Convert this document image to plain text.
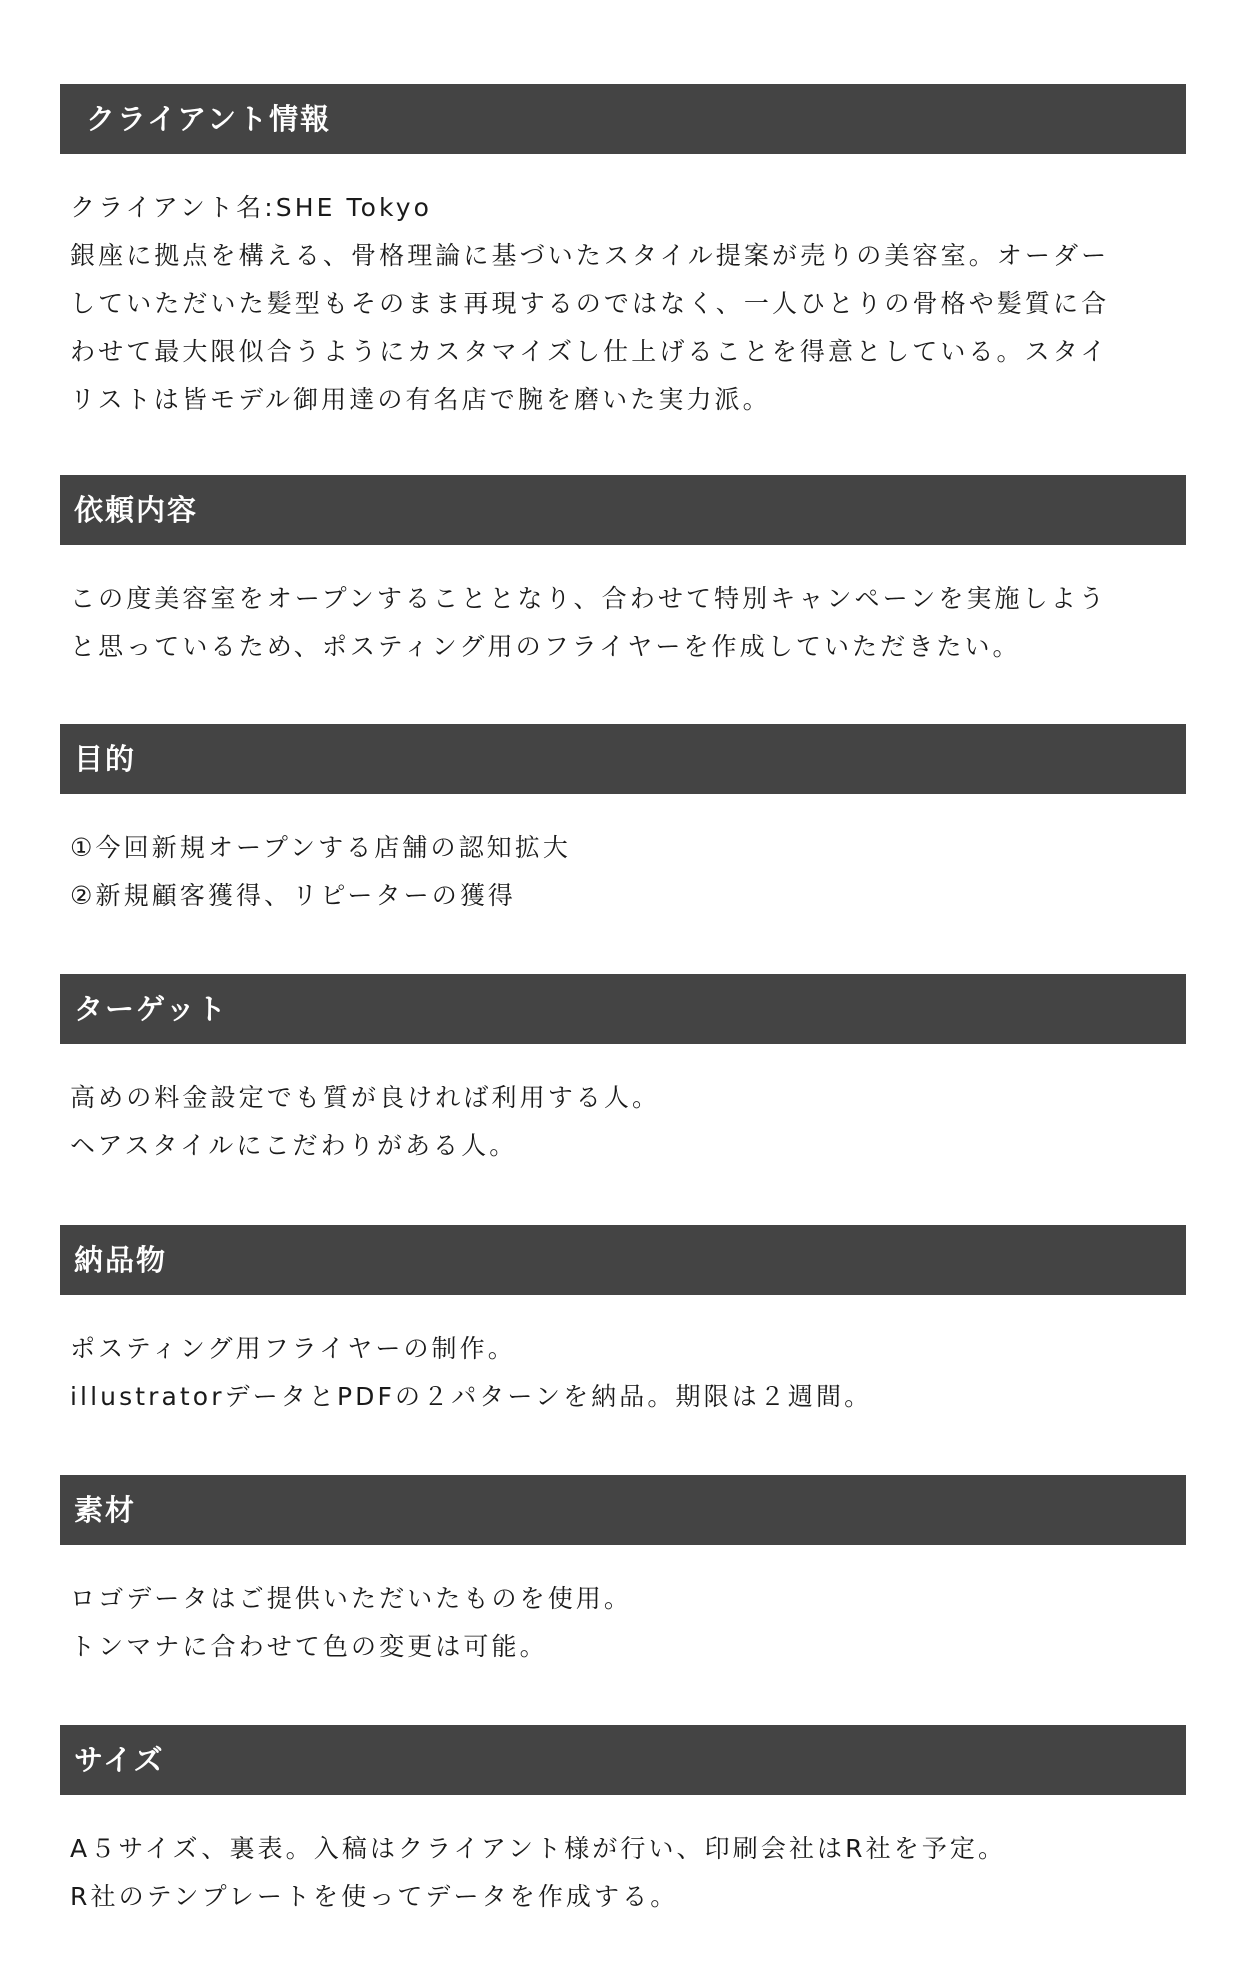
クライアント情報

クライアント名:SHE Tokyo

銀座に拠点を構える、骨格理論に基づいたスタイル提案が売りの美容室。オーダー

していただいた髪型もそのまま再現するのではなく、一人ひとりの骨格や髪質に合

わせて最大限似合うようにカスタマイズし仕上げることを得意としている。スタイ

リストは皆モデル御用達の有名店で腕を磨いた実力派。

依頼内容

この度美容室をオープンすることとなり、合わせて特別キャンペーンを実施しよう

と思っているため、ポスティング用のフライヤーを作成していただきたい。

目的

①今回新規オープンする店舗の認知拡大

②新規顧客獲得、リピーターの獲得

ターゲット

高めの料金設定でも質が良ければ利用する人。

ヘアスタイルにこだわりがある人。

納品物

ポスティング用フライヤーの制作。

illustratorデータとPDFの２パターンを納品。期限は２週間。

素材

ロゴデータはご提供いただいたものを使用。

トンマナに合わせて色の変更は可能。

サイズ

A５サイズ、裏表。入稿はクライアント様が行い、印刷会社はR社を予定。

R社のテンプレートを使ってデータを作成する。
